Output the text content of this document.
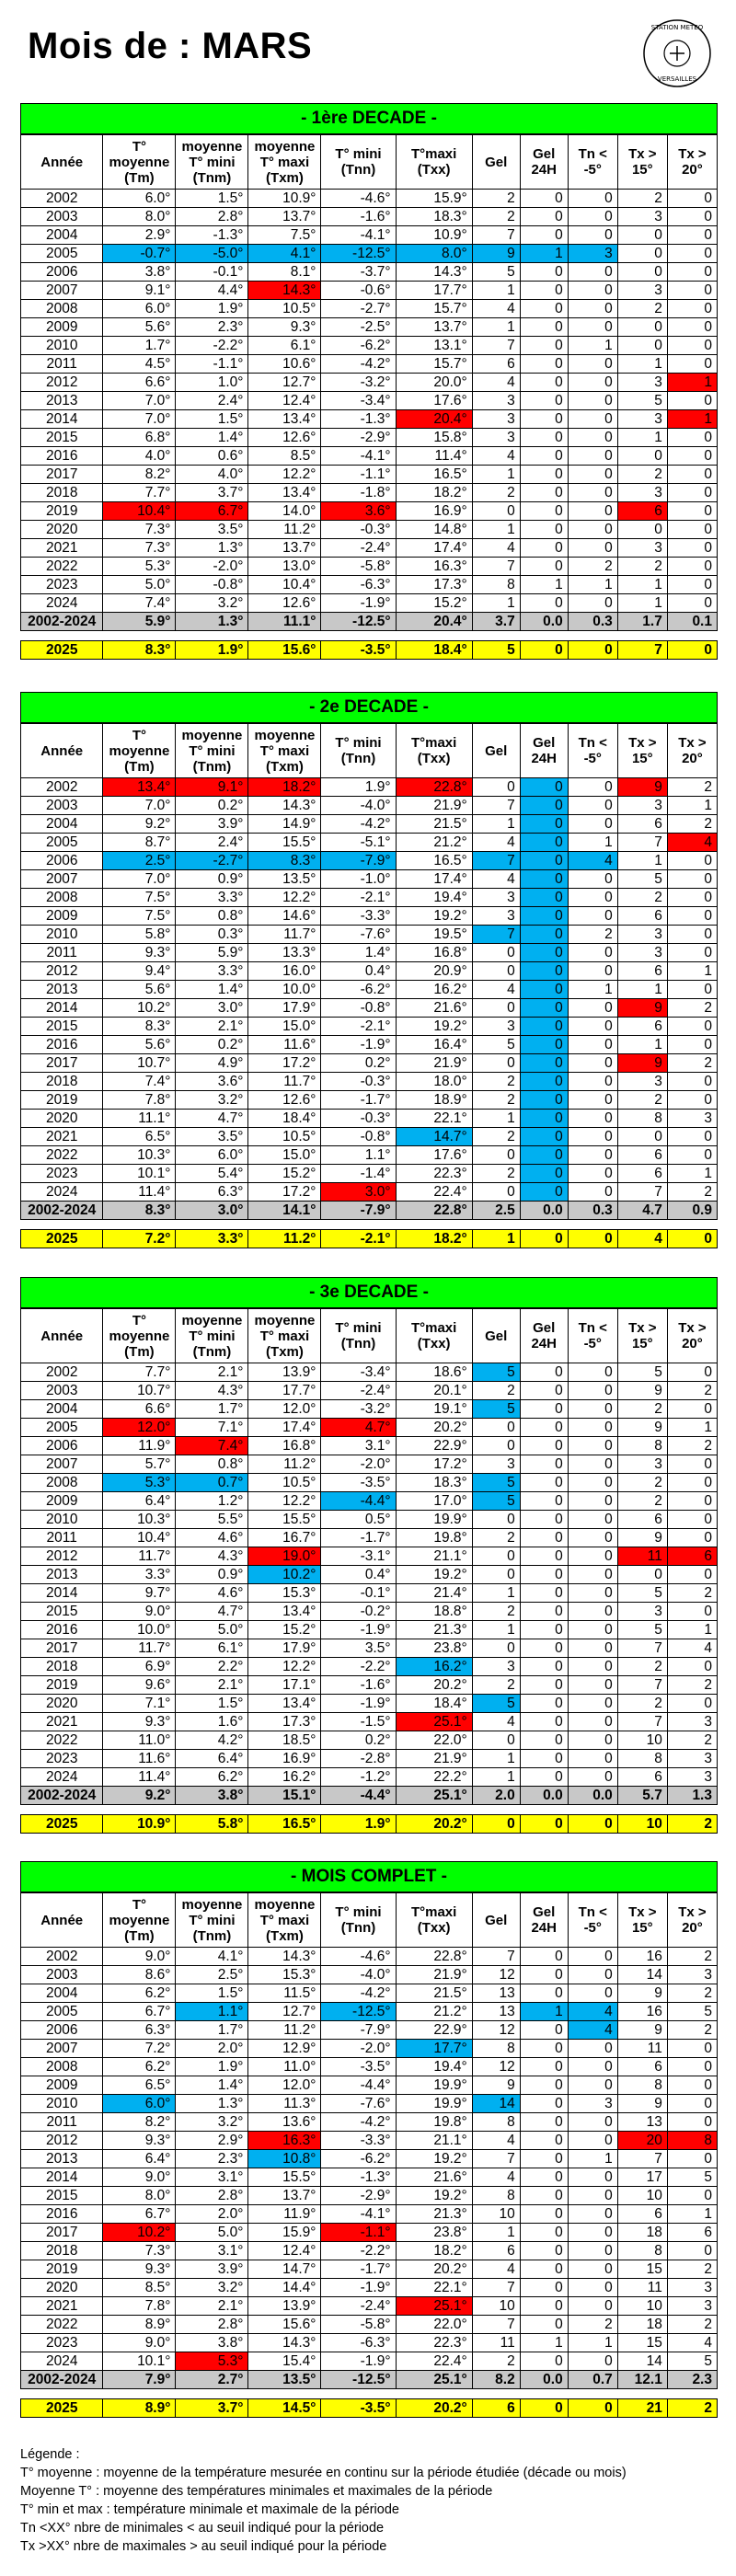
Mois de : MARS	STATION METEO
VERSAILLES
- 1ère DECADE -
Année	T° moyenne (Tm)	moyenne T° mini (Tnm)	moyenne T° maxi (Txm)	T° mini (Tnn)	T°maxi (Txx)	Gel	Gel 24H	Tn < -5°	Tx > 15°	Tx > 20°
2002	6.0°	1.5°	10.9°	-4.6°	15.9°	2	0	0	2	0
2003	8.0°	2.8°	13.7°	-1.6°	18.3°	2	0	0	3	0
2004	2.9°	-1.3°	7.5°	-4.1°	10.9°	7	0	0	0	0
2005	-0.7°	-5.0°	4.1°	-12.5°	8.0°	9	1	3	0	0
2006	3.8°	-0.1°	8.1°	-3.7°	14.3°	5	0	0	0	0
2007	9.1°	4.4°	14.3°	-0.6°	17.7°	1	0	0	3	0
2008	6.0°	1.9°	10.5°	-2.7°	15.7°	4	0	0	2	0
2009	5.6°	2.3°	9.3°	-2.5°	13.7°	1	0	0	0	0
2010	1.7°	-2.2°	6.1°	-6.2°	13.1°	7	0	1	0	0
2011	4.5°	-1.1°	10.6°	-4.2°	15.7°	6	0	0	1	0
2012	6.6°	1.0°	12.7°	-3.2°	20.0°	4	0	0	3	1
2013	7.0°	2.4°	12.4°	-3.4°	17.6°	3	0	0	5	0
2014	7.0°	1.5°	13.4°	-1.3°	20.4°	3	0	0	3	1
2015	6.8°	1.4°	12.6°	-2.9°	15.8°	3	0	0	1	0
2016	4.0°	0.6°	8.5°	-4.1°	11.4°	4	0	0	0	0
2017	8.2°	4.0°	12.2°	-1.1°	16.5°	1	0	0	2	0
2018	7.7°	3.7°	13.4°	-1.8°	18.2°	2	0	0	3	0
2019	10.4°	6.7°	14.0°	3.6°	16.9°	0	0	0	6	0
2020	7.3°	3.5°	11.2°	-0.3°	14.8°	1	0	0	0	0
2021	7.3°	1.3°	13.7°	-2.4°	17.4°	4	0	0	3	0
2022	5.3°	-2.0°	13.0°	-5.8°	16.3°	7	0	2	2	0
2023	5.0°	-0.8°	10.4°	-6.3°	17.3°	8	1	1	1	0
2024	7.4°	3.2°	12.6°	-1.9°	15.2°	1	0	0	1	0
2002-2024	5.9°	1.3°	11.1°	-12.5°	20.4°	3.7	0.0	0.3	1.7	0.1

2025	8.3°	1.9°	15.6°	-3.5°	18.4°	5	0	0	7	0
- 2e DECADE -
Année	T° moyenne (Tm)	moyenne T° mini (Tnm)	moyenne T° maxi (Txm)	T° mini (Tnn)	T°maxi (Txx)	Gel	Gel 24H	Tn < -5°	Tx > 15°	Tx > 20°
2002	13.4°	9.1°	18.2°	1.9°	22.8°	0	0	0	9	2
2003	7.0°	0.2°	14.3°	-4.0°	21.9°	7	0	0	3	1
2004	9.2°	3.9°	14.9°	-4.2°	21.5°	1	0	0	6	2
2005	8.7°	2.4°	15.5°	-5.1°	21.2°	4	0	1	7	4
2006	2.5°	-2.7°	8.3°	-7.9°	16.5°	7	0	4	1	0
2007	7.0°	0.9°	13.5°	-1.0°	17.4°	4	0	0	5	0
2008	7.5°	3.3°	12.2°	-2.1°	19.4°	3	0	0	2	0
2009	7.5°	0.8°	14.6°	-3.3°	19.2°	3	0	0	6	0
2010	5.8°	0.3°	11.7°	-7.6°	19.5°	7	0	2	3	0
2011	9.3°	5.9°	13.3°	1.4°	16.8°	0	0	0	3	0
2012	9.4°	3.3°	16.0°	0.4°	20.9°	0	0	0	6	1
2013	5.6°	1.4°	10.0°	-6.2°	16.2°	4	0	1	1	0
2014	10.2°	3.0°	17.9°	-0.8°	21.6°	0	0	0	9	2
2015	8.3°	2.1°	15.0°	-2.1°	19.2°	3	0	0	6	0
2016	5.6°	0.2°	11.6°	-1.9°	16.4°	5	0	0	1	0
2017	10.7°	4.9°	17.2°	0.2°	21.9°	0	0	0	9	2
2018	7.4°	3.6°	11.7°	-0.3°	18.0°	2	0	0	3	0
2019	7.8°	3.2°	12.6°	-1.7°	18.9°	2	0	0	2	0
2020	11.1°	4.7°	18.4°	-0.3°	22.1°	1	0	0	8	3
2021	6.5°	3.5°	10.5°	-0.8°	14.7°	2	0	0	0	0
2022	10.3°	6.0°	15.0°	1.1°	17.6°	0	0	0	6	0
2023	10.1°	5.4°	15.2°	-1.4°	22.3°	2	0	0	6	1
2024	11.4°	6.3°	17.2°	3.0°	22.4°	0	0	0	7	2
2002-2024	8.3°	3.0°	14.1°	-7.9°	22.8°	2.5	0.0	0.3	4.7	0.9

2025	7.2°	3.3°	11.2°	-2.1°	18.2°	1	0	0	4	0
- 3e DECADE -
Année	T° moyenne (Tm)	moyenne T° mini (Tnm)	moyenne T° maxi (Txm)	T° mini (Tnn)	T°maxi (Txx)	Gel	Gel 24H	Tn < -5°	Tx > 15°	Tx > 20°
2002	7.7°	2.1°	13.9°	-3.4°	18.6°	5	0	0	5	0
2003	10.7°	4.3°	17.7°	-2.4°	20.1°	2	0	0	9	2
2004	6.6°	1.7°	12.0°	-3.2°	19.1°	5	0	0	2	0
2005	12.0°	7.1°	17.4°	4.7°	20.2°	0	0	0	9	1
2006	11.9°	7.4°	16.8°	3.1°	22.9°	0	0	0	8	2
2007	5.7°	0.8°	11.2°	-2.0°	17.2°	3	0	0	3	0
2008	5.3°	0.7°	10.5°	-3.5°	18.3°	5	0	0	2	0
2009	6.4°	1.2°	12.2°	-4.4°	17.0°	5	0	0	2	0
2010	10.3°	5.5°	15.5°	0.5°	19.9°	0	0	0	6	0
2011	10.4°	4.6°	16.7°	-1.7°	19.8°	2	0	0	9	0
2012	11.7°	4.3°	19.0°	-3.1°	21.1°	0	0	0	11	6
2013	3.3°	0.9°	10.2°	0.4°	19.2°	0	0	0	0	0
2014	9.7°	4.6°	15.3°	-0.1°	21.4°	1	0	0	5	2
2015	9.0°	4.7°	13.4°	-0.2°	18.8°	2	0	0	3	0
2016	10.0°	5.0°	15.2°	-1.9°	21.3°	1	0	0	5	1
2017	11.7°	6.1°	17.9°	3.5°	23.8°	0	0	0	7	4
2018	6.9°	2.2°	12.2°	-2.2°	16.2°	3	0	0	2	0
2019	9.6°	2.1°	17.1°	-1.6°	20.2°	2	0	0	7	2
2020	7.1°	1.5°	13.4°	-1.9°	18.4°	5	0	0	2	0
2021	9.3°	1.6°	17.3°	-1.5°	25.1°	4	0	0	7	3
2022	11.0°	4.2°	18.5°	0.2°	22.0°	0	0	0	10	2
2023	11.6°	6.4°	16.9°	-2.8°	21.9°	1	0	0	8	3
2024	11.4°	6.2°	16.2°	-1.2°	22.2°	1	0	0	6	3
2002-2024	9.2°	3.8°	15.1°	-4.4°	25.1°	2.0	0.0	0.0	5.7	1.3

2025	10.9°	5.8°	16.5°	1.9°	20.2°	0	0	0	10	2
- MOIS COMPLET -
Année	T° moyenne (Tm)	moyenne T° mini (Tnm)	moyenne T° maxi (Txm)	T° mini (Tnn)	T°maxi (Txx)	Gel	Gel 24H	Tn < -5°	Tx > 15°	Tx > 20°
2002	9.0°	4.1°	14.3°	-4.6°	22.8°	7	0	0	16	2
2003	8.6°	2.5°	15.3°	-4.0°	21.9°	12	0	0	14	3
2004	6.2°	1.5°	11.5°	-4.2°	21.5°	13	0	0	9	2
2005	6.7°	1.1°	12.7°	-12.5°	21.2°	13	1	4	16	5
2006	6.3°	1.7°	11.2°	-7.9°	22.9°	12	0	4	9	2
2007	7.2°	2.0°	12.9°	-2.0°	17.7°	8	0	0	11	0
2008	6.2°	1.9°	11.0°	-3.5°	19.4°	12	0	0	6	0
2009	6.5°	1.4°	12.0°	-4.4°	19.9°	9	0	0	8	0
2010	6.0°	1.3°	11.3°	-7.6°	19.9°	14	0	3	9	0
2011	8.2°	3.2°	13.6°	-4.2°	19.8°	8	0	0	13	0
2012	9.3°	2.9°	16.3°	-3.3°	21.1°	4	0	0	20	8
2013	6.4°	2.3°	10.8°	-6.2°	19.2°	7	0	1	7	0
2014	9.0°	3.1°	15.5°	-1.3°	21.6°	4	0	0	17	5
2015	8.0°	2.8°	13.7°	-2.9°	19.2°	8	0	0	10	0
2016	6.7°	2.0°	11.9°	-4.1°	21.3°	10	0	0	6	1
2017	10.2°	5.0°	15.9°	-1.1°	23.8°	1	0	0	18	6
2018	7.3°	3.1°	12.4°	-2.2°	18.2°	6	0	0	8	0
2019	9.3°	3.9°	14.7°	-1.7°	20.2°	4	0	0	15	2
2020	8.5°	3.2°	14.4°	-1.9°	22.1°	7	0	0	11	3
2021	7.8°	2.1°	13.9°	-2.4°	25.1°	10	0	0	10	3
2022	8.9°	2.8°	15.6°	-5.8°	22.0°	7	0	2	18	2
2023	9.0°	3.8°	14.3°	-6.3°	22.3°	11	1	1	15	4
2024	10.1°	5.3°	15.4°	-1.9°	22.4°	2	0	0	14	5
2002-2024	7.9°	2.7°	13.5°	-12.5°	25.1°	8.2	0.0	0.7	12.1	2.3

2025	8.9°	3.7°	14.5°	-3.5°	20.2°	6	0	0	21	2
Légende :
T° moyenne : moyenne de la température mesurée en continu sur la période étudiée (décade ou mois)
Moyenne T° : moyenne des températures minimales et maximales de la période
T° min et max : température minimale et maximale de la période
Tn <XX° nbre de minimales < au seuil indiqué pour la période
Tx >XX° nbre de maximales > au seuil indiqué pour la période
